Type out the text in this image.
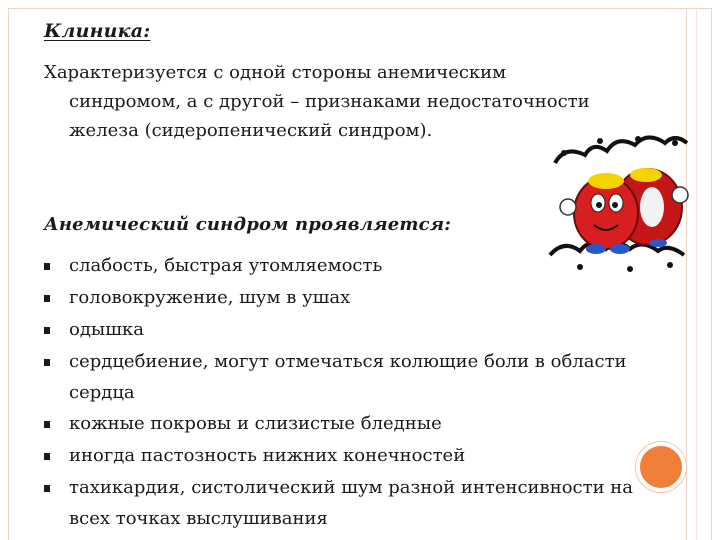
Клиника:
Характеризуется с одной стороны анемическим синдромом, а с другой – признаками недостаточности железа (сидеропенический синдром).
Анемический синдром проявляется:
слабость, быстрая утомляемость
головокружение, шум в ушах
одышка
сердцебиение, могут отмечаться колющие боли в области сердца
кожные покровы и слизистые бледные
иногда пастозность нижних конечностей
тахикардия, систолический шум разной интенсивности на всех точках выслушивания
